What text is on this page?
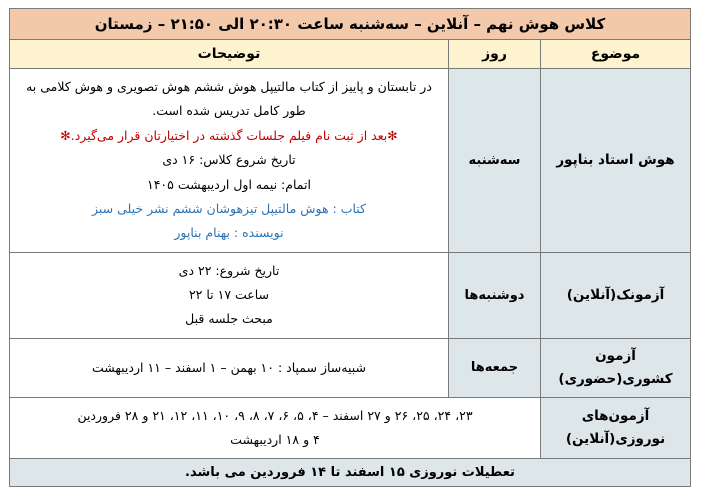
کلاس هوش نهم – آنلاین – سه‌شنبه ساعت ۲۰:۳۰ الی ۲۱:۵۰ – زمستان		
موضوع	روز	توضیحات
هوش استاد بناپور	سه‌شنبه	
در تابستان و پاییز از کتاب مالتیپل هوش ششم هوش تصویری و هوش کلامی به
طور کامل تدریس شده است.
✻بعد از ثبت نام فیلم جلسات گذشته در اختیارتان قرار می‌گیرد.✻
تاریخ شروع کلاس: ۱۶ دی
اتمام: نیمه اول اردیبهشت ۱۴۰۵
کتاب : هوش مالتیپل تیزهوشان ششم نشر خیلی سبز
نویسنده : بهنام بناپور

آزمونک(آنلاین)	دوشنبه‌ها	تاریخ شروع: ۲۲ دی
ساعت ۱۷ تا ۲۲
مبحث جلسه قبل

آزمون کشوری(حضوری)	جمعه‌ها	شبیه‌ساز سمپاد : ۱۰ بهمن – ۱ اسفند – ۱۱ اردیبهشت

آزمون‌های نوروزی(آنلاین)	۲۳، ۲۴، ۲۵، ۲۶ و ۲۷ اسفند – ۴، ۵، ۶، ۷، ۸، ۹، ۱۰، ۱۱، ۱۲، ۲۱ و ۲۸ فروردین
۴ و ۱۸ اردیبهشت	

تعطیلات نوروزی ۱۵ اسفند تا ۱۴ فروردین می باشد.		
